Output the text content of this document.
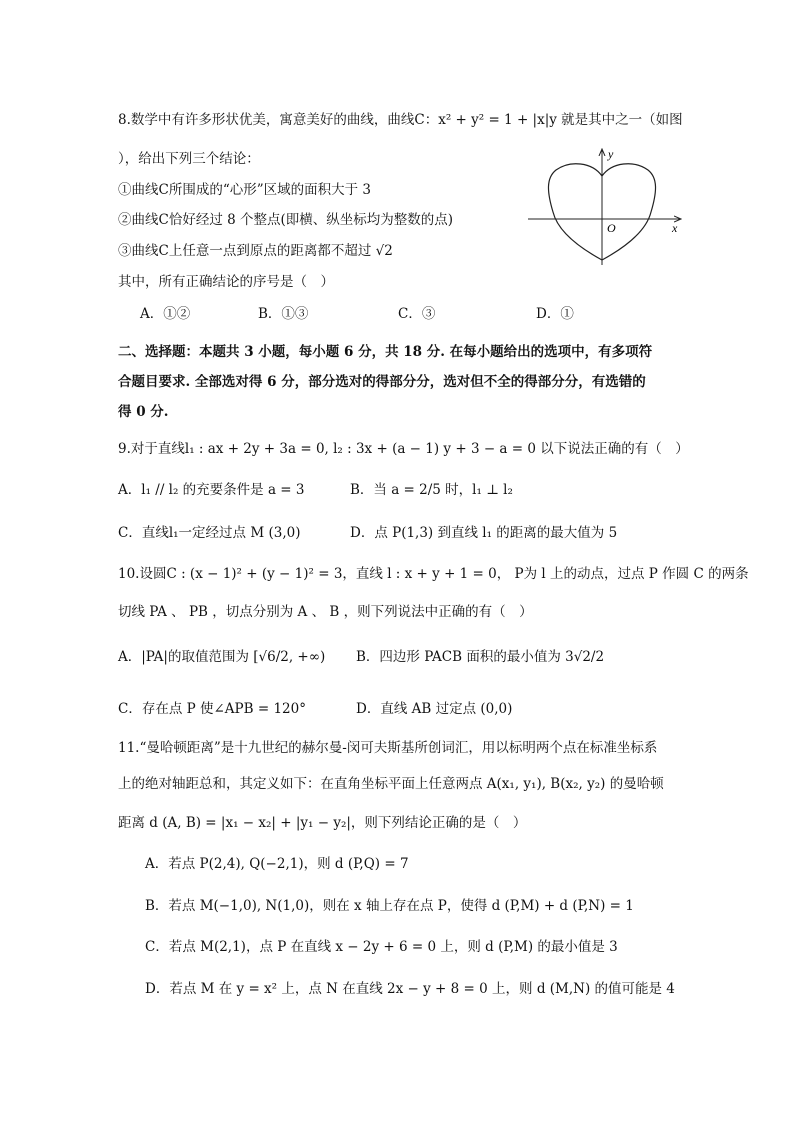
8.数学中有许多形状优美，寓意美好的曲线，曲线C：x² + y² = 1 + |x|y 就是其中之一（如图
），给出下列三个结论：
①曲线C所围成的“心形”区域的面积大于 3
②曲线C恰好经过 8 个整点(即横、纵坐标均为整数的点)
③曲线C上任意一点到原点的距离都不超过 √2
其中，所有正确结论的序号是（　）
A．①②	B．①③	C．③	D．①
y
x
O
二、选择题：本题共 3 小题，每小题 6 分，共 18 分. 在每小题给出的选项中，有多项符
合题目要求. 全部选对得 6 分，部分选对的得部分分，选对但不全的得部分分，有选错的
得 0 分.
9.对于直线l₁ : ax + 2y + 3a = 0, l₂ : 3x + (a − 1) y + 3 − a = 0 以下说法正确的有（　）
A．l₁ // l₂ 的充要条件是 a = 3	B．当 a = 2/5 时，l₁ ⊥ l₂
C．直线l₁一定经过点 M (3,0)	D．点 P(1,3) 到直线 l₁ 的距离的最大值为 5
10.设圆C : (x − 1)² + (y − 1)² = 3，直线 l : x + y + 1 = 0， P为 l 上的动点，过点 P 作圆 C 的两条
切线 PA 、 PB ，切点分别为 A 、 B ，则下列说法中正确的有（　）
A．|PA|的取值范围为 [√6/2, +∞) B．四边形 PACB 面积的最小值为 3√2/2
C．存在点 P 使∠APB = 120°	D．直线 AB 过定点 (0,0)
11.“曼哈顿距离”是十九世纪的赫尔曼-闵可夫斯基所创词汇，用以标明两个点在标准坐标系
上的绝对轴距总和，其定义如下：在直角坐标平面上任意两点 A(x₁, y₁), B(x₂, y₂) 的曼哈顿
距离 d (A, B) = |x₁ − x₂| + |y₁ − y₂|，则下列结论正确的是（　）
A．若点 P(2,4), Q(−2,1)，则 d (P,Q) = 7
B．若点 M(−1,0), N(1,0)，则在 x 轴上存在点 P，使得 d (P,M) + d (P,N) = 1
C．若点 M(2,1)，点 P 在直线 x − 2y + 6 = 0 上，则 d (P,M) 的最小值是 3
D．若点 M 在 y = x² 上，点 N 在直线 2x − y + 8 = 0 上，则 d (M,N) 的值可能是 4
